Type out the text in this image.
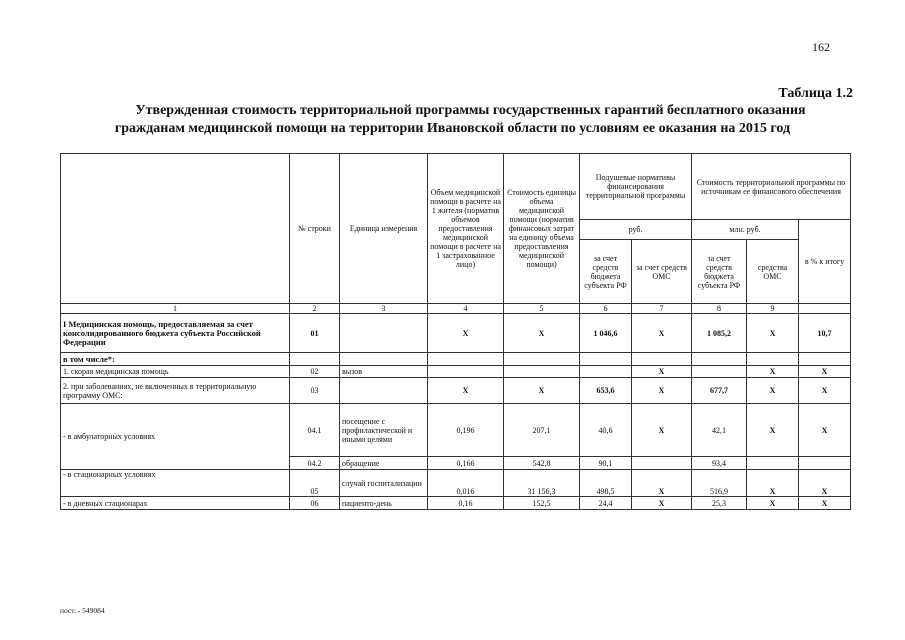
162
Таблица 1.2
Утвержденная стоимость территориальной программы государственных гарантий бесплатного оказания
гражданам медицинской помощи на территории Ивановской области по условиям ее оказания на 2015 год
	№ строки	Единица измерения	Объем медицинской помощи в расчете на 1 жителя (норматив объемов предоставления медицинской помощи в расчете на 1 застрахованное лицо)	Стоимость единицы объема медицинской помощи (норматив финансовых затрат на единицу объема предоставления медицинской помощи)	Подушевые нормативы финансирования территориальной программы		Стоимость территориальной программы по источникам ее финансового обеспечения		
					руб.		млн. руб.		в % к итогу
					за счет средств бюджета субъекта РФ	за счет средств ОМС	за счет средств бюджета субъекта РФ	средства ОМС	
1	2	3	4	5	6	7	8	9	
I Медицинская помощь, предоставляемая за счет консолидированного бюджета субъекта Российской Федерации	01		Х	Х	1 046,6	Х	1 085,2	Х	10,7
в том числе*:									
1. скорая медицинская помощь	02	вызов				Х		Х	Х
2. при заболеваниях, не включенных в территориальную программу ОМС:	03		Х	Х	653,6	Х	677,7	Х	Х
- в амбулаторных условиях	04.1	посещение с профилактической и иными целями	0,196	207,1	40,6	Х	42,1	Х	Х
	04.2	обращение	0,166	542,8	90,1		93,4		
- в стационарных условиях	05	случай госпитализации	0,016	31 156,3	498,5	Х	516,9	Х	Х
- в дневных стационарах	06	пациенто-день	0,16	152,5	24,4	Х	25,3	Х	Х
пост. - 549084
